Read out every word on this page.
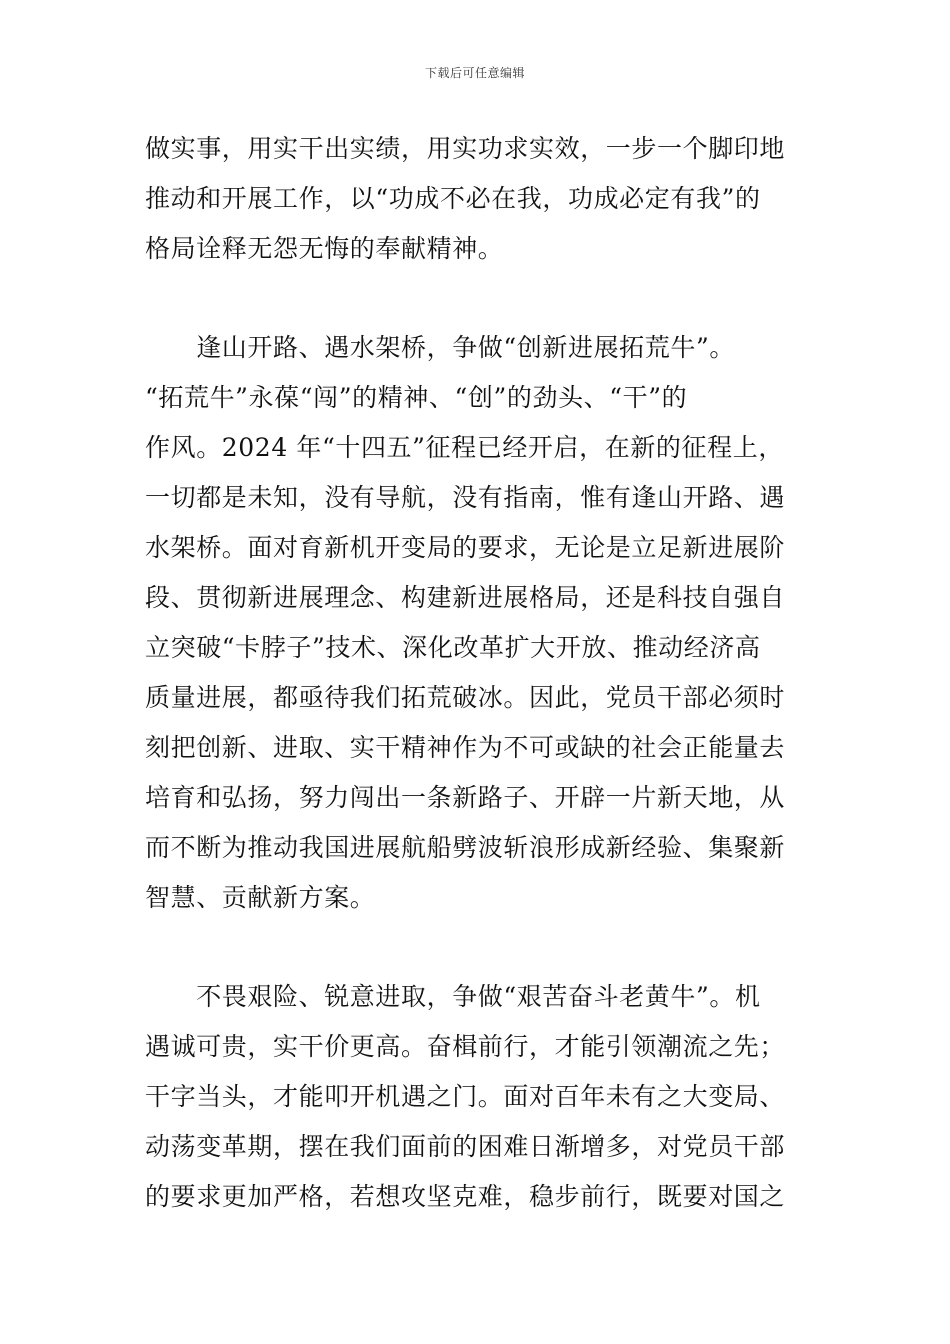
下载后可任意编辑
做实事，用实干出实绩，用实功求实效，一步一个脚印地
推动和开展工作，以“功成不必在我，功成必定有我”的
格局诠释无怨无悔的奉献精神。
　　逢山开路、遇水架桥，争做“创新进展拓荒牛”。
“拓荒牛”永葆“闯”的精神、“创”的劲头、“干”的
作风。2024 年“十四五”征程已经开启，在新的征程上，
一切都是未知，没有导航，没有指南，惟有逢山开路、遇
水架桥。面对育新机开变局的要求，无论是立足新进展阶
段、贯彻新进展理念、构建新进展格局，还是科技自强自
立突破“卡脖子”技术、深化改革扩大开放、推动经济高
质量进展，都亟待我们拓荒破冰。因此，党员干部必须时
刻把创新、进取、实干精神作为不可或缺的社会正能量去
培育和弘扬，努力闯出一条新路子、开辟一片新天地，从
而不断为推动我国进展航船劈波斩浪形成新经验、集聚新
智慧、贡献新方案。
　　不畏艰险、锐意进取，争做“艰苦奋斗老黄牛”。机
遇诚可贵，实干价更高。奋楫前行，才能引领潮流之先；
干字当头，才能叩开机遇之门。面对百年未有之大变局、
动荡变革期，摆在我们面前的困难日渐增多，对党员干部
的要求更加严格，若想攻坚克难，稳步前行，既要对国之
